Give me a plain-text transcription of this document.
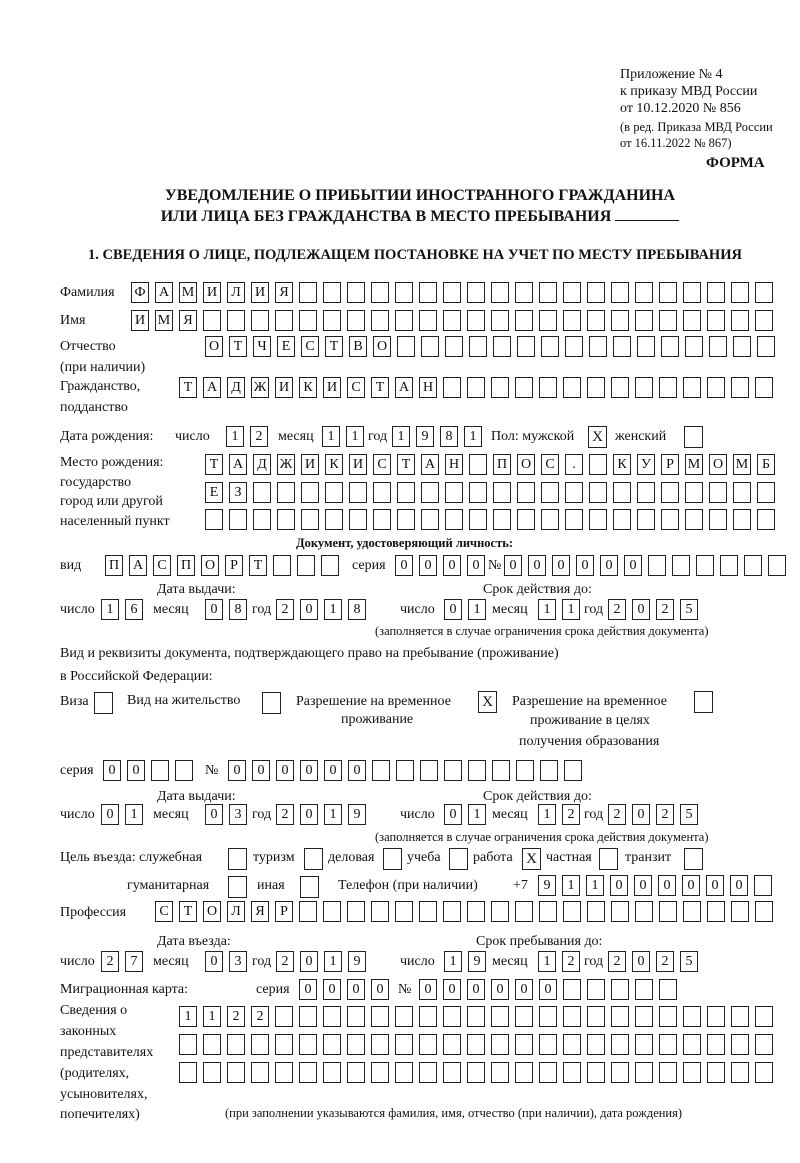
Приложение № 4
к приказу МВД России
от 10.12.2020 № 856
(в ред. Приказа МВД России
от 16.11.2022 № 867)
ФОРМА
УВЕДОМЛЕНИЕ О ПРИБЫТИИ ИНОСТРАННОГО ГРАЖДАНИНА
ИЛИ ЛИЦА БЕЗ ГРАЖДАНСТВА В МЕСТО ПРЕБЫВАНИЯ
1. СВЕДЕНИЯ О ЛИЦЕ, ПОДЛЕЖАЩЕМ ПОСТАНОВКЕ НА УЧЕТ ПО МЕСТУ ПРЕБЫВАНИЯ
Фамилия Ф А М И	Л	И	Я
Имя	И М Я
Отчество
(при наличии)
О	Т	Ч	Е	С	Т	В	О
Гражданство,
подданство
Т	А	Д Ж И	К	И	С	Т	А Н
Дата рождения: число	1	2	месяц 1	1 год 1	9	8	1	Пол: мужской X женский
Место рождения:
государство
город или другой
населенный пункт
Т	А	Д Ж И	К	И	С	Т	А Н	П О	С	.	К	У	Р М О М Б
Е	З
Документ, удостоверяющий личность:
вид П А	С	П О	Р	Т	серия	0	0	0	0 № 0	0	0	0	0	0
Дата выдачи:	Срок действия до:
число 1	6	месяц	0	8 год 2	0	1	8	число	0	1 месяц	1	1 год 2	0	2	5
(заполняется в случае ограничения срока действия документа)
Вид и реквизиты документа, подтверждающего право на пребывание (проживание)
в Российской Федерации:
Виза	Вид на жительство	Разрешение на временное
проживание
X Разрешение на временное
проживание в целях
получения образования
серия	0	0	№	0	0	0	0	0	0
Дата выдачи:	Срок действия до:
число 0	1	месяц	0	3 год 2	0	1	9	число	0	1 месяц	1	2 год 2	0	2	5
(заполняется в случае ограничения срока действия документа)
Цель въезда: служебная	туризм деловая учеба работа X частная транзит
гуманитарная	иная	Телефон (при наличии)	+7	9	1	1	0	0	0	0	0	0
Профессия	С	Т	О	Л	Я	Р
Дата въезда:	Срок пребывания до:
число 2	7	месяц	0	3 год 2	0	1	9	число	1	9 месяц	1	2 год 2	0	2	5
Миграционная карта:	серия	0	0	0	0	№ 0	0	0	0	0	0
Сведения о
законных
представителях
(родителях,
усыновителях,
попечителях)
1	1	2	2
(при заполнении указываются фамилия, имя, отчество (при наличии), дата рождения)
